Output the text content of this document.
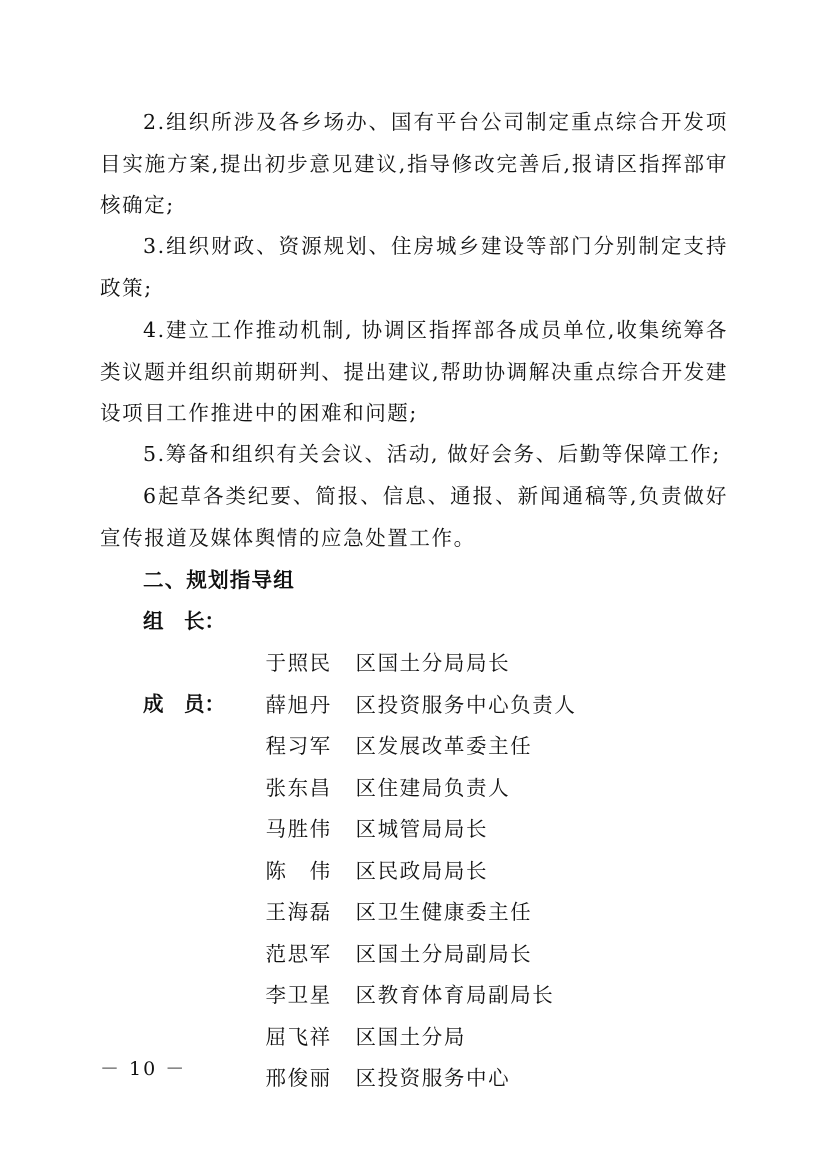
2.组织所涉及各乡场办、国有平台公司制定重点综合开发项目实施方案,提出初步意见建议,指导修改完善后,报请区指挥部审核确定;

3.组织财政、资源规划、住房城乡建设等部门分别制定支持政策;

4.建立工作推动机制, 协调区指挥部各成员单位,收集统筹各类议题并组织前期研判、提出建议,帮助协调解决重点综合开发建设项目工作推进中的困难和问题;

5.筹备和组织有关会议、活动, 做好会务、后勤等保障工作;

6起草各类纪要、简报、信息、通报、新闻通稿等,负责做好宣传报道及媒体舆情的应急处置工作。

二、规划指导组
组　长：

于照民 区国土分局局长

薛旭丹 区投资服务中心负责人

成　员：

程习军 区发展改革委主任

张东昌 区住建局负责人

马胜伟 区城管局局长

陈　伟 区民政局局长

王海磊 区卫生健康委主任

范思军 区国土分局副局长

李卫星 区教育体育局副局长

屈飞祥 区国土分局

邢俊丽 区投资服务中心

－ 10 －
